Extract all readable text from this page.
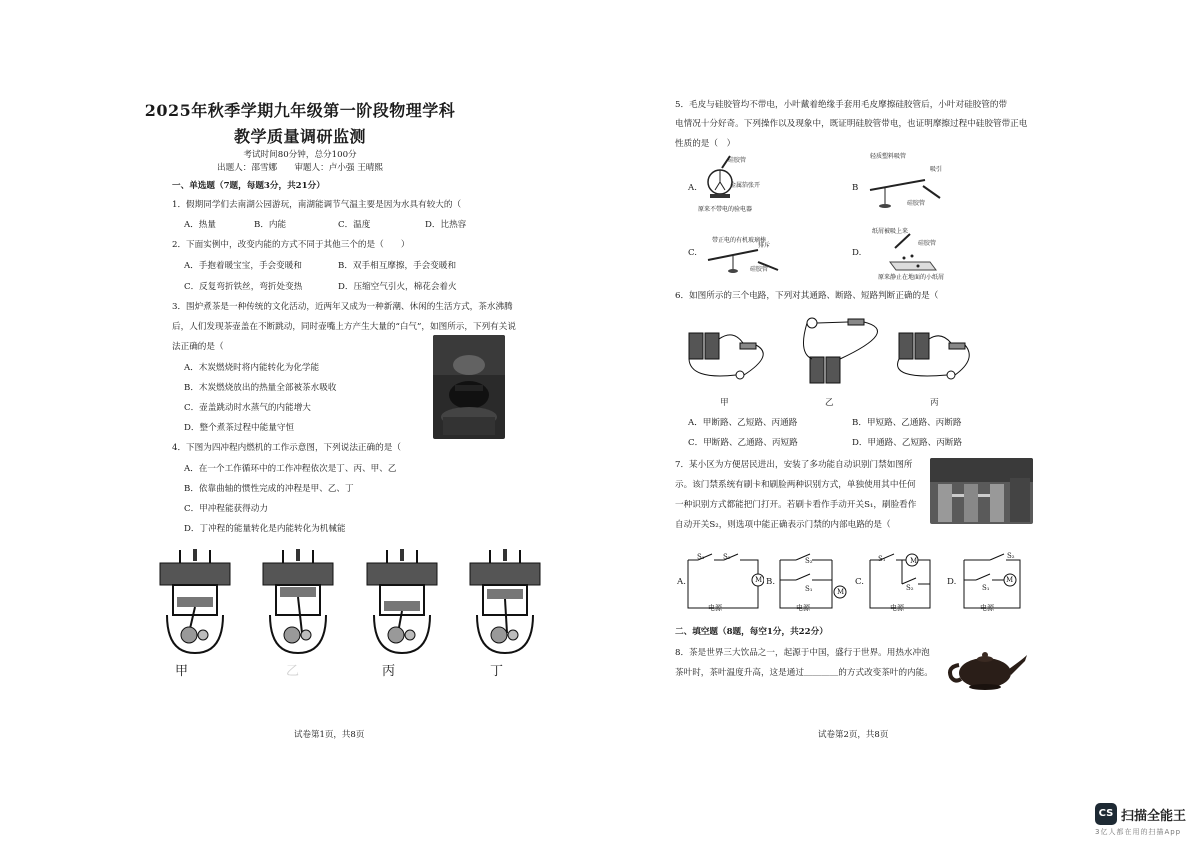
2025年秋季学期九年级第一阶段物理学科
教学质量调研监测
考试时间80分钟，总分100分
出题人：邵雪娜　　审题人：卢小强 王晴熙
一、单选题（7题，每题3分，共21分）
1．假期同学们去南湖公园游玩，南湖能调节气温主要是因为水具有较大的（
A．热量	B．内能	C．温度	D．比热容
2．下面实例中，改变内能的方式不同于其他三个的是（　　）
A．手抱着暖宝宝，手会变暖和	B．双手相互摩擦，手会变暖和
C．反复弯折铁丝，弯折处变热	D．压缩空气引火，棉花会着火
3．围炉煮茶是一种传统的文化活动，近两年又成为一种新潮、休闲的生活方式，茶水沸腾
后，人们发现茶壶盖在不断跳动，同时壶嘴上方产生大量的“白气”，如图所示，下列有关说
法正确的是（
A．木炭燃烧时将内能转化为化学能
B．木炭燃烧放出的热量全部被茶水吸收
C．壶盖跳动时水蒸气的内能增大
D．整个煮茶过程中能量守恒
4．下图为四冲程内燃机的工作示意图，下列说法正确的是（
A．在一个工作循环中的工作冲程依次是丁、丙、甲、乙
B．依靠曲轴的惯性完成的冲程是甲、乙、丁
C．甲冲程能获得动力
D．丁冲程的能量转化是内能转化为机械能
甲	乙	丙	丁
试卷第1页，共8页
5．毛皮与硅胶管均不带电，小叶戴着绝缘手套用毛皮摩擦硅胶管后，小叶对硅胶管的带
电情况十分好奇。下列操作以及现象中，既证明硅胶管带电，也证明摩擦过程中硅胶管带正电
性质的是（　）
A.
硅胶管
金属箔张开
原来不带电的验电器
B
轻质塑料吸管
吸引
硅胶管
C.
带正电的有机玻璃棒
排斥
硅胶管
D.
纸屑被吸上来
硅胶管
原来静止在地面的小纸屑
6．如图所示的三个电路，下列对其通路、断路、短路判断正确的是（
甲	乙	丙
A．甲断路、乙短路、丙通路	B．甲短路、乙通路、丙断路
C．甲断路、乙通路、丙短路	D．甲通路、乙短路、丙断路
7．某小区为方便居民进出，安装了多功能自动识别门禁如图所
示。该门禁系统有刷卡和刷脸两种识别方式，单独使用其中任何
一种识别方式都能把门打开。若刷卡看作手动开关S₁，刷脸看作
自动开关S₂，则选项中能正确表示门禁的内部电路的是（
A.
S₁	S₂
M
电源
B.
S₂
S₁	M
电源
C.
S₁
S₂
M
电源
D.
S₂
S₁
M
电源
二、填空题（8题，每空1分，共22分）
8．茶是世界三大饮品之一，起源于中国，盛行于世界。用热水冲泡
茶叶时，茶叶温度升高，这是通过＿＿＿＿的方式改变茶叶的内能。
试卷第2页，共8页
CS 扫描全能王
3亿人都在用的扫描App
